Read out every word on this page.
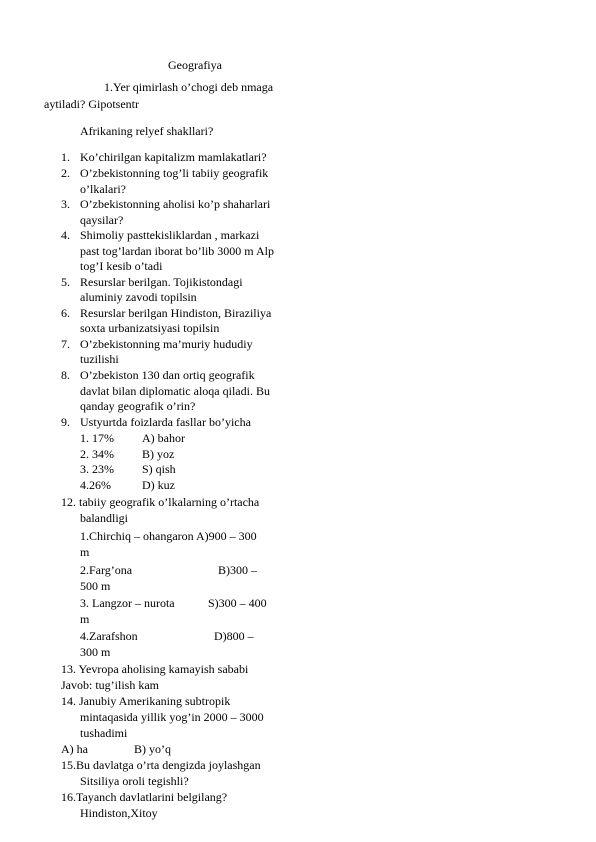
Geografiya
1.Yer qimirlash o’chogi deb nmaga
aytiladi? Gipotsentr
Afrikaning relyef shakllari?
1. Ko’chirilgan kapitalizm mamlakatlari?
2. O’zbekistonning tog’li tabiiy geografik
o’lkalari?
3. O’zbekistonning aholisi ko’p shaharlari
qaysilar?
4. Shimoliy pasttekisliklardan , markazi
past tog’lardan iborat bo’lib 3000 m Alp
tog’I kesib o’tadi
5. Resurslar berilgan. Tojikistondagi
aluminiy zavodi topilsin
6. Resurslar berilgan Hindiston, Biraziliya
soxta urbanizatsiyasi topilsin
7. O’zbekistonning ma’muriy hududiy
tuzilishi
8. O’zbekiston 130 dan ortiq geografik
davlat bilan diplomatic aloqa qiladi. Bu
qanday geografik o’rin?
9. Ustyurtda foizlarda fasllar bo’yicha
1. 17% A) bahor
2. 34% B) yoz
3. 23% S) qish
4.26%	D) kuz
12. tabiiy geografik o’lkalarning o’rtacha
balandligi
1.Chirchiq – ohangaron A)900 – 300
m
2.Farg’ona	B)300 –
500 m
3. Langzor – nurota	S)300 – 400
m
4.Zarafshon	D)800 –
300 m
13. Yevropa aholising kamayish sababi
Javob: tug’ilish kam
14. Janubiy Amerikaning subtropik
mintaqasida yillik yog’in 2000 – 3000
tushadimi
A) ha	B) yo’q
15.Bu davlatga o’rta dengizda joylashgan
Sitsiliya oroli tegishli?
16.Tayanch davlatlarini belgilang?
Hindiston,Xitoy
